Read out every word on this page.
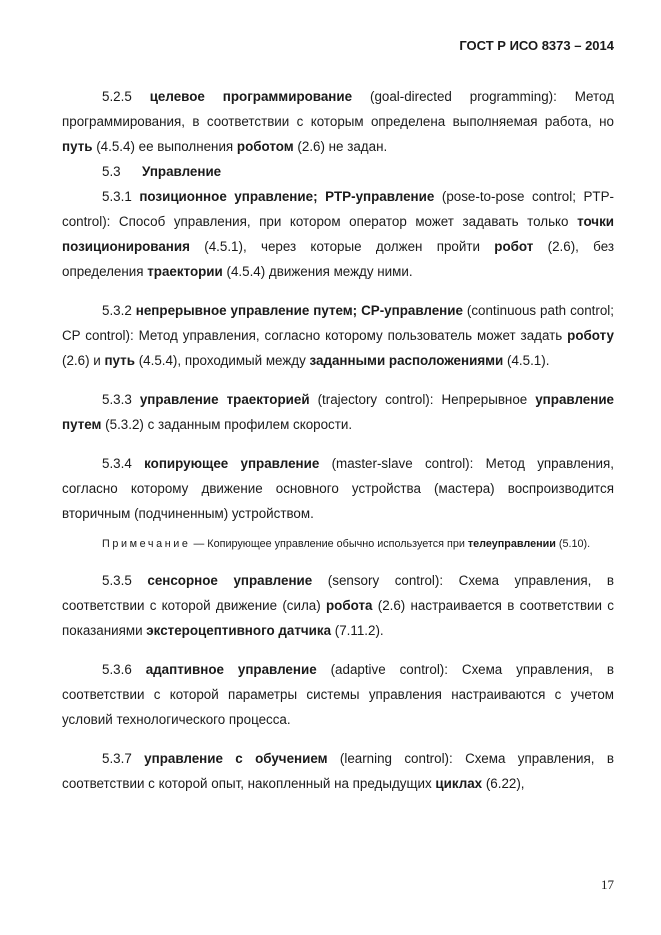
ГОСТ Р ИСО 8373 – 2014

5.2.5 целевое программирование (goal-directed programming): Метод программирования, в соответствии с которым определена выполняемая работа, но путь (4.5.4) ее выполнения роботом (2.6) не задан.

5.3 Управление

5.3.1 позиционное управление; PTP-управление (pose-to-pose control; PTP-control): Способ управления, при котором оператор может задавать только точки позиционирования (4.5.1), через которые должен пройти робот (2.6), без определения траектории (4.5.4) движения между ними.

5.3.2 непрерывное управление путем; CP-управление (continuous path control; CP control): Метод управления, согласно которому пользователь может задать роботу (2.6) и путь (4.5.4), проходимый между заданными расположениями (4.5.1).

5.3.3 управление траекторией (trajectory control): Непрерывное управление путем (5.3.2) с заданным профилем скорости.

5.3.4 копирующее управление (master-slave control): Метод управления, согласно которому движение основного устройства (мастера) воспроизводится вторичным (подчиненным) устройством.

Примечание — Копирующее управление обычно используется при телеуправлении (5.10).

5.3.5 сенсорное управление (sensory control): Схема управления, в соответствии с которой движение (сила) робота (2.6) настраивается в соответствии с показаниями экстероцептивного датчика (7.11.2).

5.3.6 адаптивное управление (adaptive control): Схема управления, в соответствии с которой параметры системы управления настраиваются с учетом условий технологического процесса.

5.3.7 управление с обучением (learning control): Схема управления, в соответствии с которой опыт, накопленный на предыдущих циклах (6.22),

17
